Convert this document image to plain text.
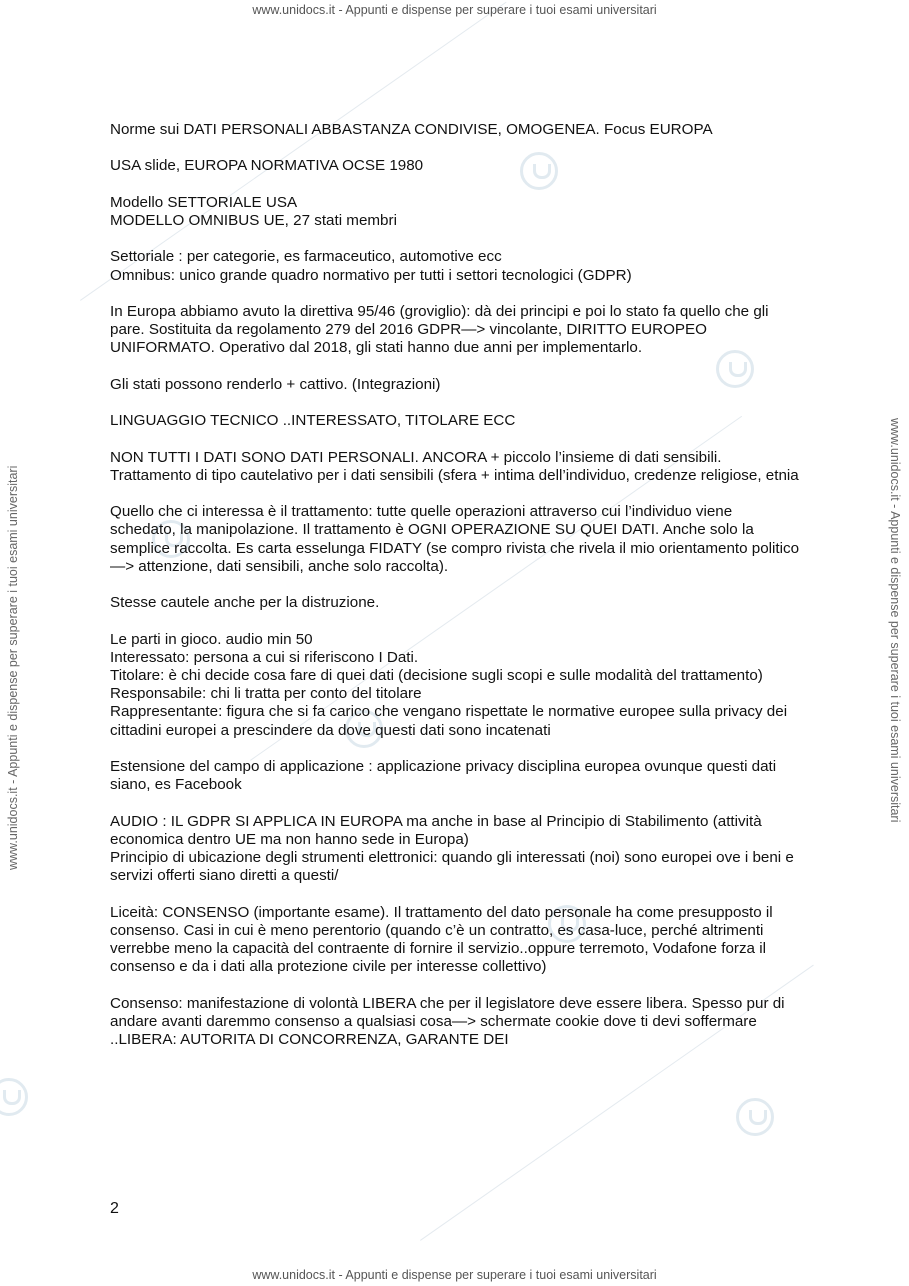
www.unidocs.it - Appunti e dispense per superare i tuoi esami universitari
www.unidocs.it - Appunti e dispense per superare i tuoi esami universitari	www.unidocs.it - Appunti e dispense per superare i tuoi esami universitari

Norme sui DATI PERSONALI ABBASTANZA CONDIVISE, OMOGENEA. Focus EUROPA

USA slide, EUROPA NORMATIVA OCSE 1980

Modello SETTORIALE USA
MODELLO OMNIBUS UE, 27 stati membri

Settoriale : per categorie, es farmaceutico, automotive ecc
Omnibus: unico grande quadro normativo per tutti i settori tecnologici (GDPR)

In Europa abbiamo avuto la direttiva 95/46 (groviglio): dà dei principi e poi lo stato fa quello che gli pare. Sostituita da regolamento 279 del 2016 GDPR—> vincolante, DIRITTO EUROPEO UNIFORMATO. Operativo dal 2018, gli stati hanno due anni per implementarlo.

Gli stati possono renderlo + cattivo. (Integrazioni)

LINGUAGGIO TECNICO ..INTERESSATO, TITOLARE ECC

NON TUTTI I DATI SONO DATI PERSONALI. ANCORA + piccolo l’insieme di dati sensibili. Trattamento di tipo cautelativo per i dati sensibili (sfera + intima dell’individuo, credenze religiose, etnia

Quello che ci interessa è il trattamento: tutte quelle operazioni attraverso cui l’individuo viene schedato, la manipolazione. Il trattamento è OGNI OPERAZIONE SU QUEI DATI. Anche solo la semplice raccolta. Es carta esselunga FIDATY (se compro rivista che rivela il mio orientamento politico—> attenzione, dati sensibili, anche solo raccolta).

Stesse cautele anche per la distruzione.

Le parti in gioco. audio min 50
Interessato: persona a cui si riferiscono I Dati.
Titolare: è chi decide cosa fare di quei dati (decisione sugli scopi e sulle modalità del trattamento)
Responsabile: chi li tratta per conto del titolare
Rappresentante: figura che si fa carico che vengano rispettate le normative europee sulla privacy dei cittadini europei a prescindere da dove questi dati sono incatenati

Estensione del campo di applicazione : applicazione privacy disciplina europea ovunque questi dati siano, es Facebook

AUDIO : IL GDPR SI APPLICA IN EUROPA ma anche in base al Principio di Stabilimento (attività economica dentro UE ma non hanno sede in Europa)
Principio di ubicazione degli strumenti elettronici: quando gli interessati (noi) sono europei ove i beni e servizi offerti siano diretti a questi/

Liceità: CONSENSO (importante esame). Il trattamento del dato personale ha come presupposto il consenso. Casi in cui è meno perentorio (quando c’è un contratto, es casa-luce, perché altrimenti verrebbe meno la capacità del contraente di fornire il servizio..oppure terremoto, Vodafone forza il consenso e da i dati alla protezione civile per interesse collettivo)

Consenso: manifestazione di volontà LIBERA che per il legislatore deve essere libera. Spesso pur di andare avanti daremmo consenso a qualsiasi cosa—> schermate cookie dove ti devi soffermare ..LIBERA: AUTORITA DI CONCORRENZA, GARANTE DEI

2
www.unidocs.it - Appunti e dispense per superare i tuoi esami universitari
